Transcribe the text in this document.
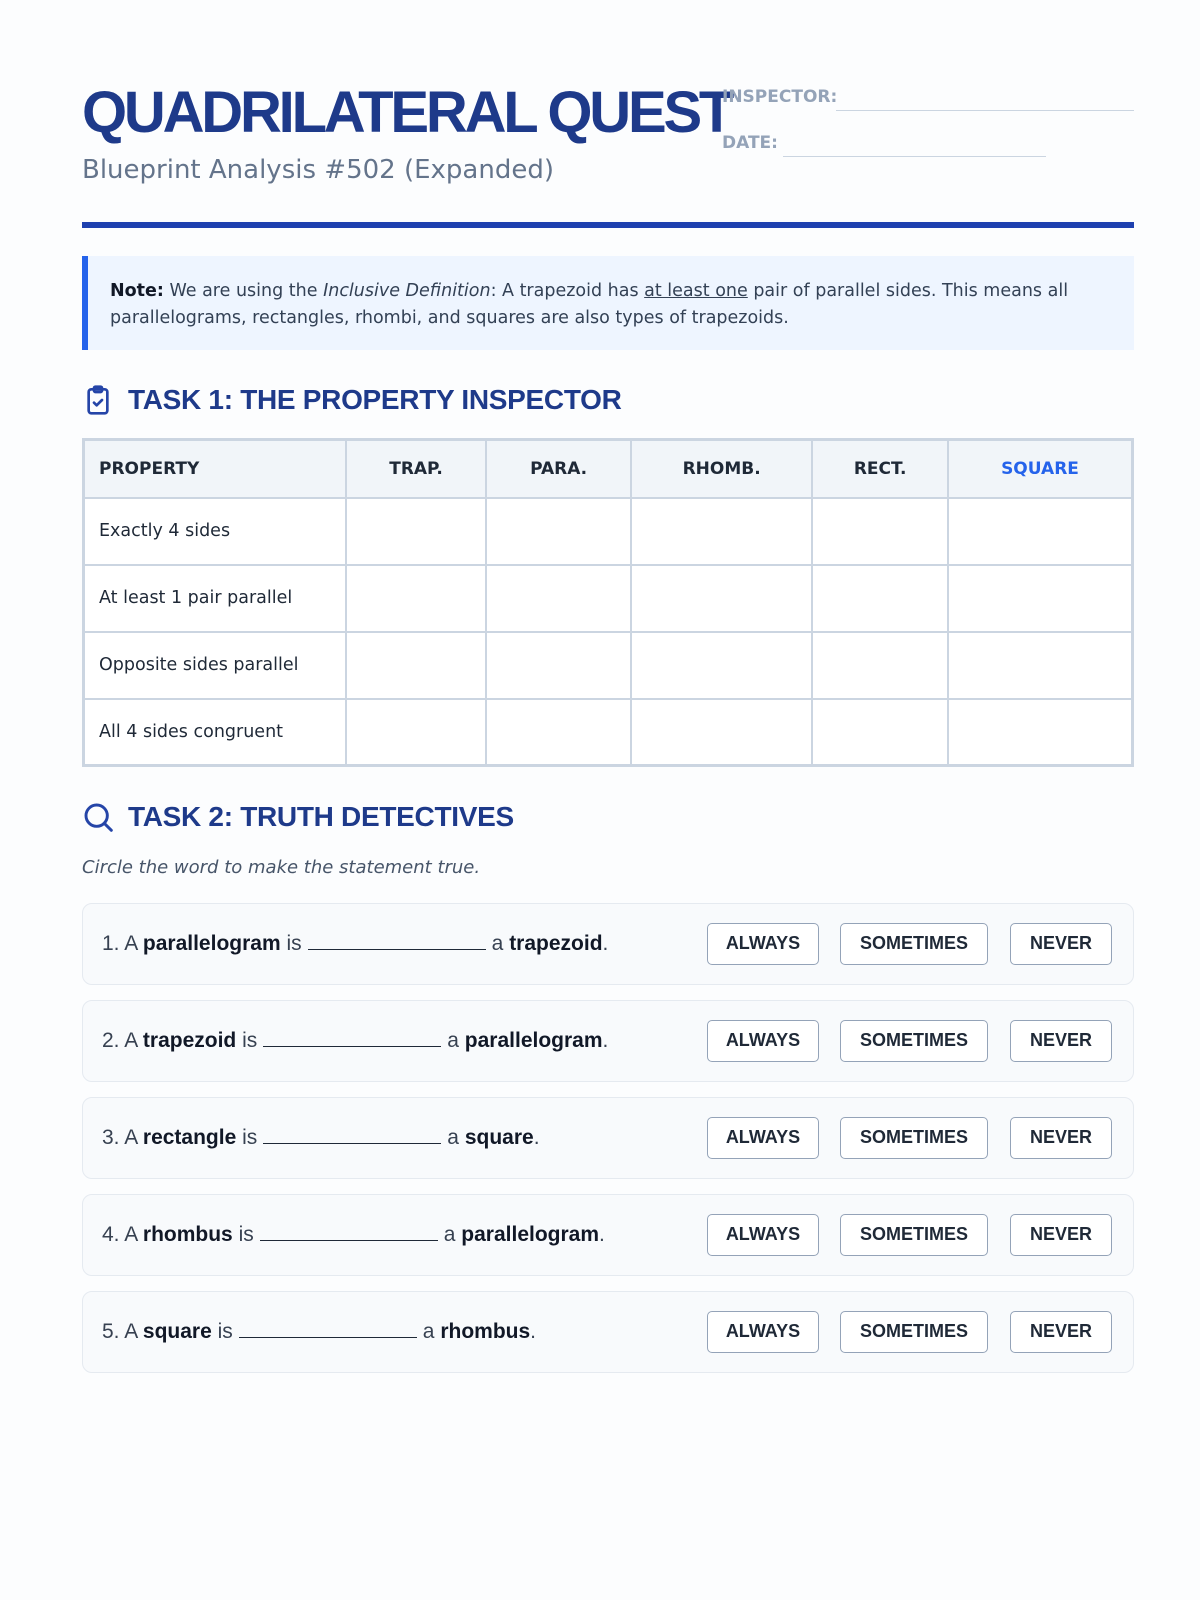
QUADRILATERAL QUEST
Blueprint Analysis #502 (Expanded)
INSPECTOR:
DATE:
Note: We are using the Inclusive Definition: A trapezoid has at least one pair of parallel sides. This means all parallelograms, rectangles, rhombi, and squares are also types of trapezoids.
TASK 1: THE PROPERTY INSPECTOR
PROPERTY	TRAP.	PARA.	RHOMB.	RECT.	SQUARE
Exactly 4 sides					
At least 1 pair parallel					
Opposite sides parallel					
All 4 sides congruent					
TASK 2: TRUTH DETECTIVES
Circle the word to make the statement true.
1. A parallelogram is	a trapezoid.	ALWAYS	SOMETIMES	NEVER
2. A trapezoid is	a parallelogram.	ALWAYS	SOMETIMES	NEVER
3. A rectangle is	a square.	ALWAYS	SOMETIMES	NEVER
4. A rhombus is	a parallelogram.	ALWAYS	SOMETIMES	NEVER
5. A square is	a rhombus.	ALWAYS	SOMETIMES	NEVER
